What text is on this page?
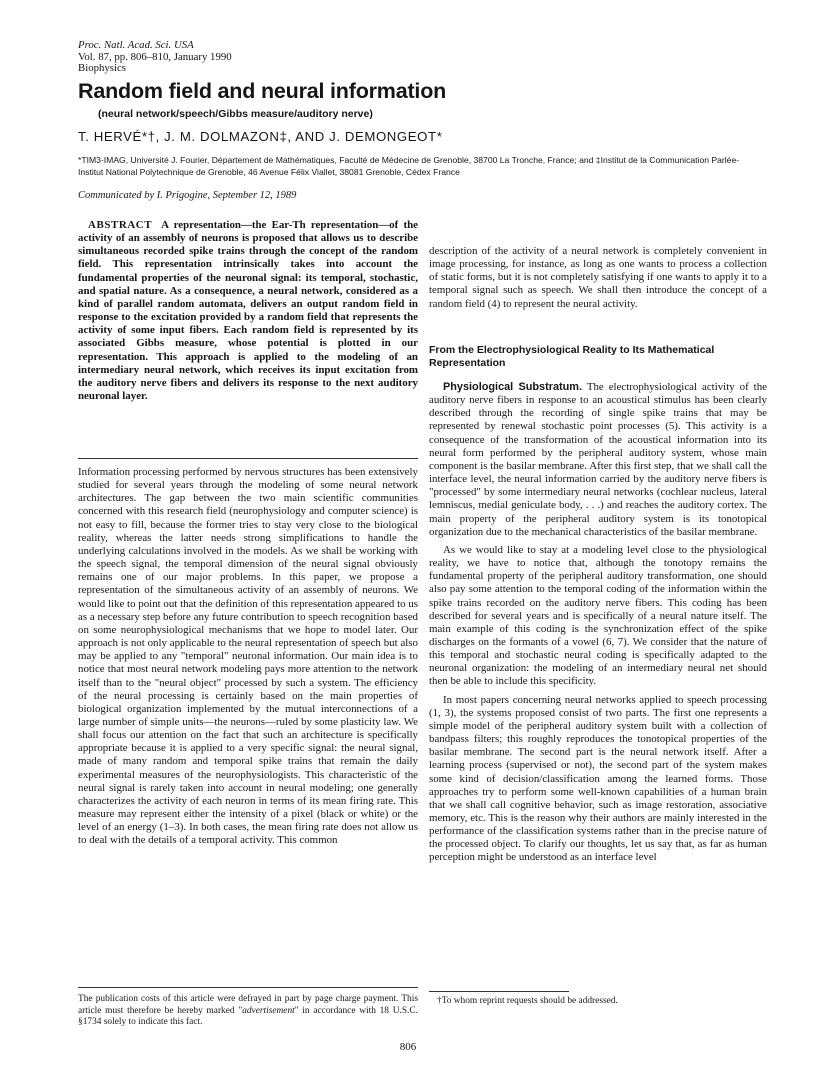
Proc. Natl. Acad. Sci. USA
Vol. 87, pp. 806–810, January 1990
Biophysics
Random field and neural information
(neural network/speech/Gibbs measure/auditory nerve)
T. HERVÉ*†, J. M. DOLMAZON‡, AND J. DEMONGEOT*
*TIM3-IMAG, Université J. Fourier, Département de Mathématiques, Faculté de Médecine de Grenoble, 38700 La Tronche, France; and ‡Institut de la Communication Parlée-Institut National Polytechnique de Grenoble, 46 Avenue Félix Viallet, 38081 Grenoble, Cédex France
Communicated by I. Prigogine, September 12, 1989

ABSTRACT A representation—the Ear-Th representation—of the activity of an assembly of neurons is proposed that allows us to describe simultaneous recorded spike trains through the concept of the random field. This representation intrinsically takes into account the fundamental properties of the neuronal signal: its temporal, stochastic, and spatial nature. As a consequence, a neural network, considered as a kind of parallel random automata, delivers an output random field in response to the excitation provided by a random field that represents the activity of some input fibers. Each random field is represented by its associated Gibbs measure, whose potential is plotted in our representation. This approach is applied to the modeling of an intermediary neural network, which receives its input excitation from the auditory nerve fibers and delivers its response to the next auditory neuronal layer.

Information processing performed by nervous structures has been extensively studied for several years through the modeling of some neural network architectures. The gap between the two main scientific communities concerned with this research field (neurophysiology and computer science) is not easy to fill, because the former tries to stay very close to the biological reality, whereas the latter needs strong simplifications to handle the underlying calculations involved in the models. As we shall be working with the speech signal, the temporal dimension of the neural signal obviously remains one of our major problems. In this paper, we propose a representation of the simultaneous activity of an assembly of neurons. We would like to point out that the definition of this representation appeared to us as a necessary step before any future contribution to speech recognition based on some neurophysiological mechanisms that we hope to model later. Our approach is not only applicable to the neural representation of speech but also may be applied to any "temporal" neuronal information. Our main idea is to notice that most neural network modeling pays more attention to the network itself than to the "neural object" processed by such a system. The efficiency of the neural processing is certainly based on the main properties of biological organization implemented by the mutual interconnections of a large number of simple units—the neurons—ruled by some plasticity law. We shall focus our attention on the fact that such an architecture is specifically appropriate because it is applied to a very specific signal: the neural signal, made of many random and temporal spike trains that remain the daily experimental measures of the neurophysiologists. This characteristic of the neural signal is rarely taken into account in neural modeling; one generally characterizes the activity of each neuron in terms of its mean firing rate. This measure may represent either the intensity of a pixel (black or white) or the level of an energy (1–3). In both cases, the mean firing rate does not allow us to deal with the details of a temporal activity. This common

description of the activity of a neural network is completely convenient in image processing, for instance, as long as one wants to process a collection of static forms, but it is not completely satisfying if one wants to apply it to a temporal signal such as speech. We shall then introduce the concept of a random field (4) to represent the neural activity.

From the Electrophysiological Reality to Its Mathematical Representation

Physiological Substratum. The electrophysiological activity of the auditory nerve fibers in response to an acoustical stimulus has been clearly described through the recording of single spike trains that may be represented by renewal stochastic point processes (5). This activity is a consequence of the transformation of the acoustical information into its neural form performed by the peripheral auditory system, whose main component is the basilar membrane. After this first step, that we shall call the interface level, the neural information carried by the auditory nerve fibers is "processed" by some intermediary neural networks (cochlear nucleus, lateral lemniscus, medial geniculate body, . . .) and reaches the auditory cortex. The main property of the peripheral auditory system is its tonotopical organization due to the mechanical characteristics of the basilar membrane.

As we would like to stay at a modeling level close to the physiological reality, we have to notice that, although the tonotopy remains the fundamental property of the peripheral auditory transformation, one should also pay some attention to the temporal coding of the information within the spike trains recorded on the auditory nerve fibers. This coding has been described for several years and is specifically of a neural nature itself. The main example of this coding is the synchronization effect of the spike discharges on the formants of a vowel (6, 7). We consider that the nature of this temporal and stochastic neural coding is specifically adapted to the neuronal organization: the modeling of an intermediary neural net should then be able to include this specificity.

In most papers concerning neural networks applied to speech processing (1, 3), the systems proposed consist of two parts. The first one represents a simple model of the peripheral auditory system built with a collection of bandpass filters; this roughly reproduces the tonotopical properties of the basilar membrane. The second part is the neural network itself. After a learning process (supervised or not), the second part of the system makes some kind of decision/classification among the learned forms. Those approaches try to perform some well-known capabilities of a human brain that we shall call cognitive behavior, such as image restoration, associative memory, etc. This is the reason why their authors are mainly interested in the performance of the classification systems rather than in the precise nature of the processed object. To clarify our thoughts, let us say that, as far as human perception might be understood as an interface level

The publication costs of this article were defrayed in part by page charge payment. This article must therefore be hereby marked "advertisement" in accordance with 18 U.S.C. §1734 solely to indicate this fact.
†To whom reprint requests should be addressed.
806
